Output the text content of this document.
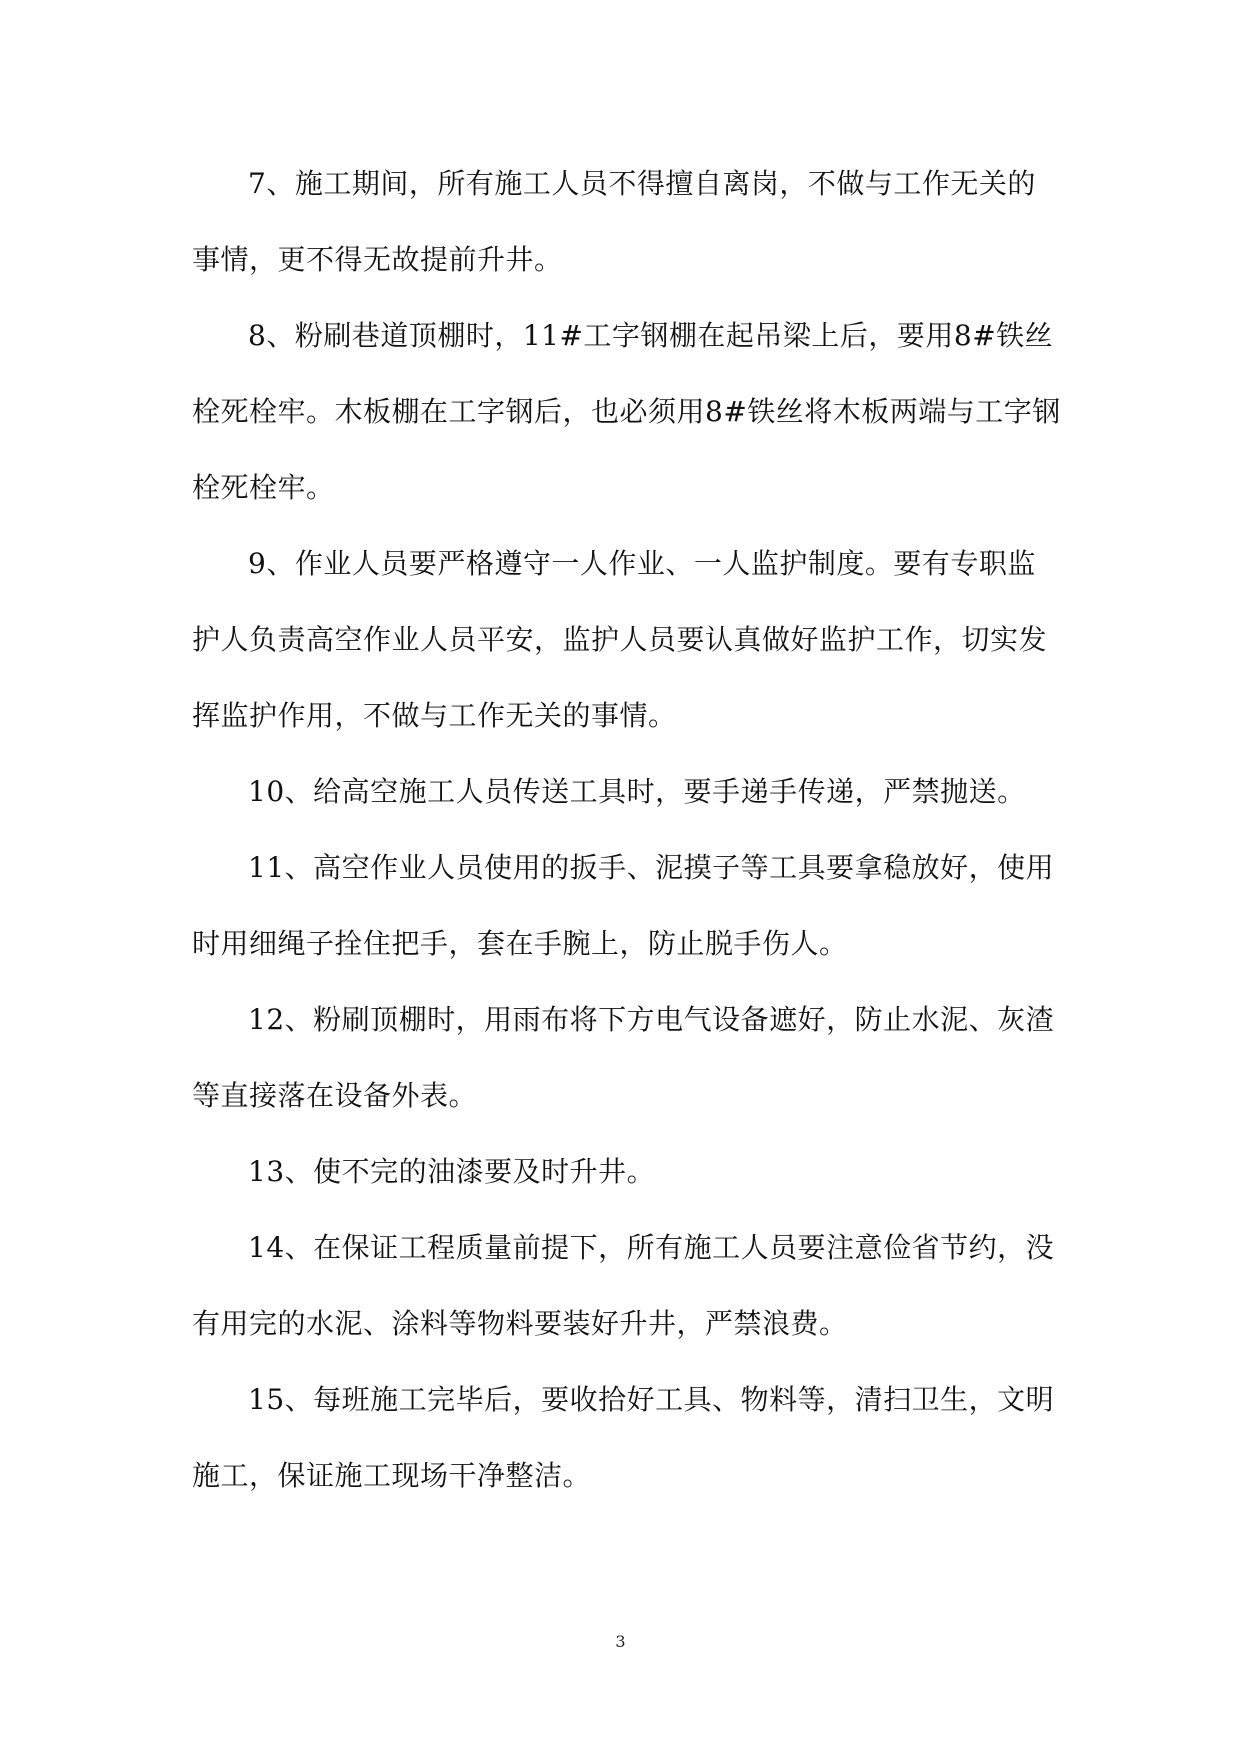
7、施工期间，所有施工人员不得擅自离岗，不做与工作无关的事情，更不得无故提前升井。

8、粉刷巷道顶棚时，11#工字钢棚在起吊梁上后，要用8#铁丝栓死栓牢。木板棚在工字钢后，也必须用8#铁丝将木板两端与工字钢栓死栓牢。

9、作业人员要严格遵守一人作业、一人监护制度。要有专职监护人负责高空作业人员平安，监护人员要认真做好监护工作，切实发挥监护作用，不做与工作无关的事情。

10、给高空施工人员传送工具时，要手递手传递，严禁抛送。

11、高空作业人员使用的扳手、泥摸子等工具要拿稳放好，使用时用细绳子拴住把手，套在手腕上，防止脱手伤人。

12、粉刷顶棚时，用雨布将下方电气设备遮好，防止水泥、灰渣等直接落在设备外表。

13、使不完的油漆要及时升井。

14、在保证工程质量前提下，所有施工人员要注意俭省节约，没有用完的水泥、涂料等物料要装好升井，严禁浪费。

15、每班施工完毕后，要收拾好工具、物料等，清扫卫生，文明施工，保证施工现场干净整洁。

3
